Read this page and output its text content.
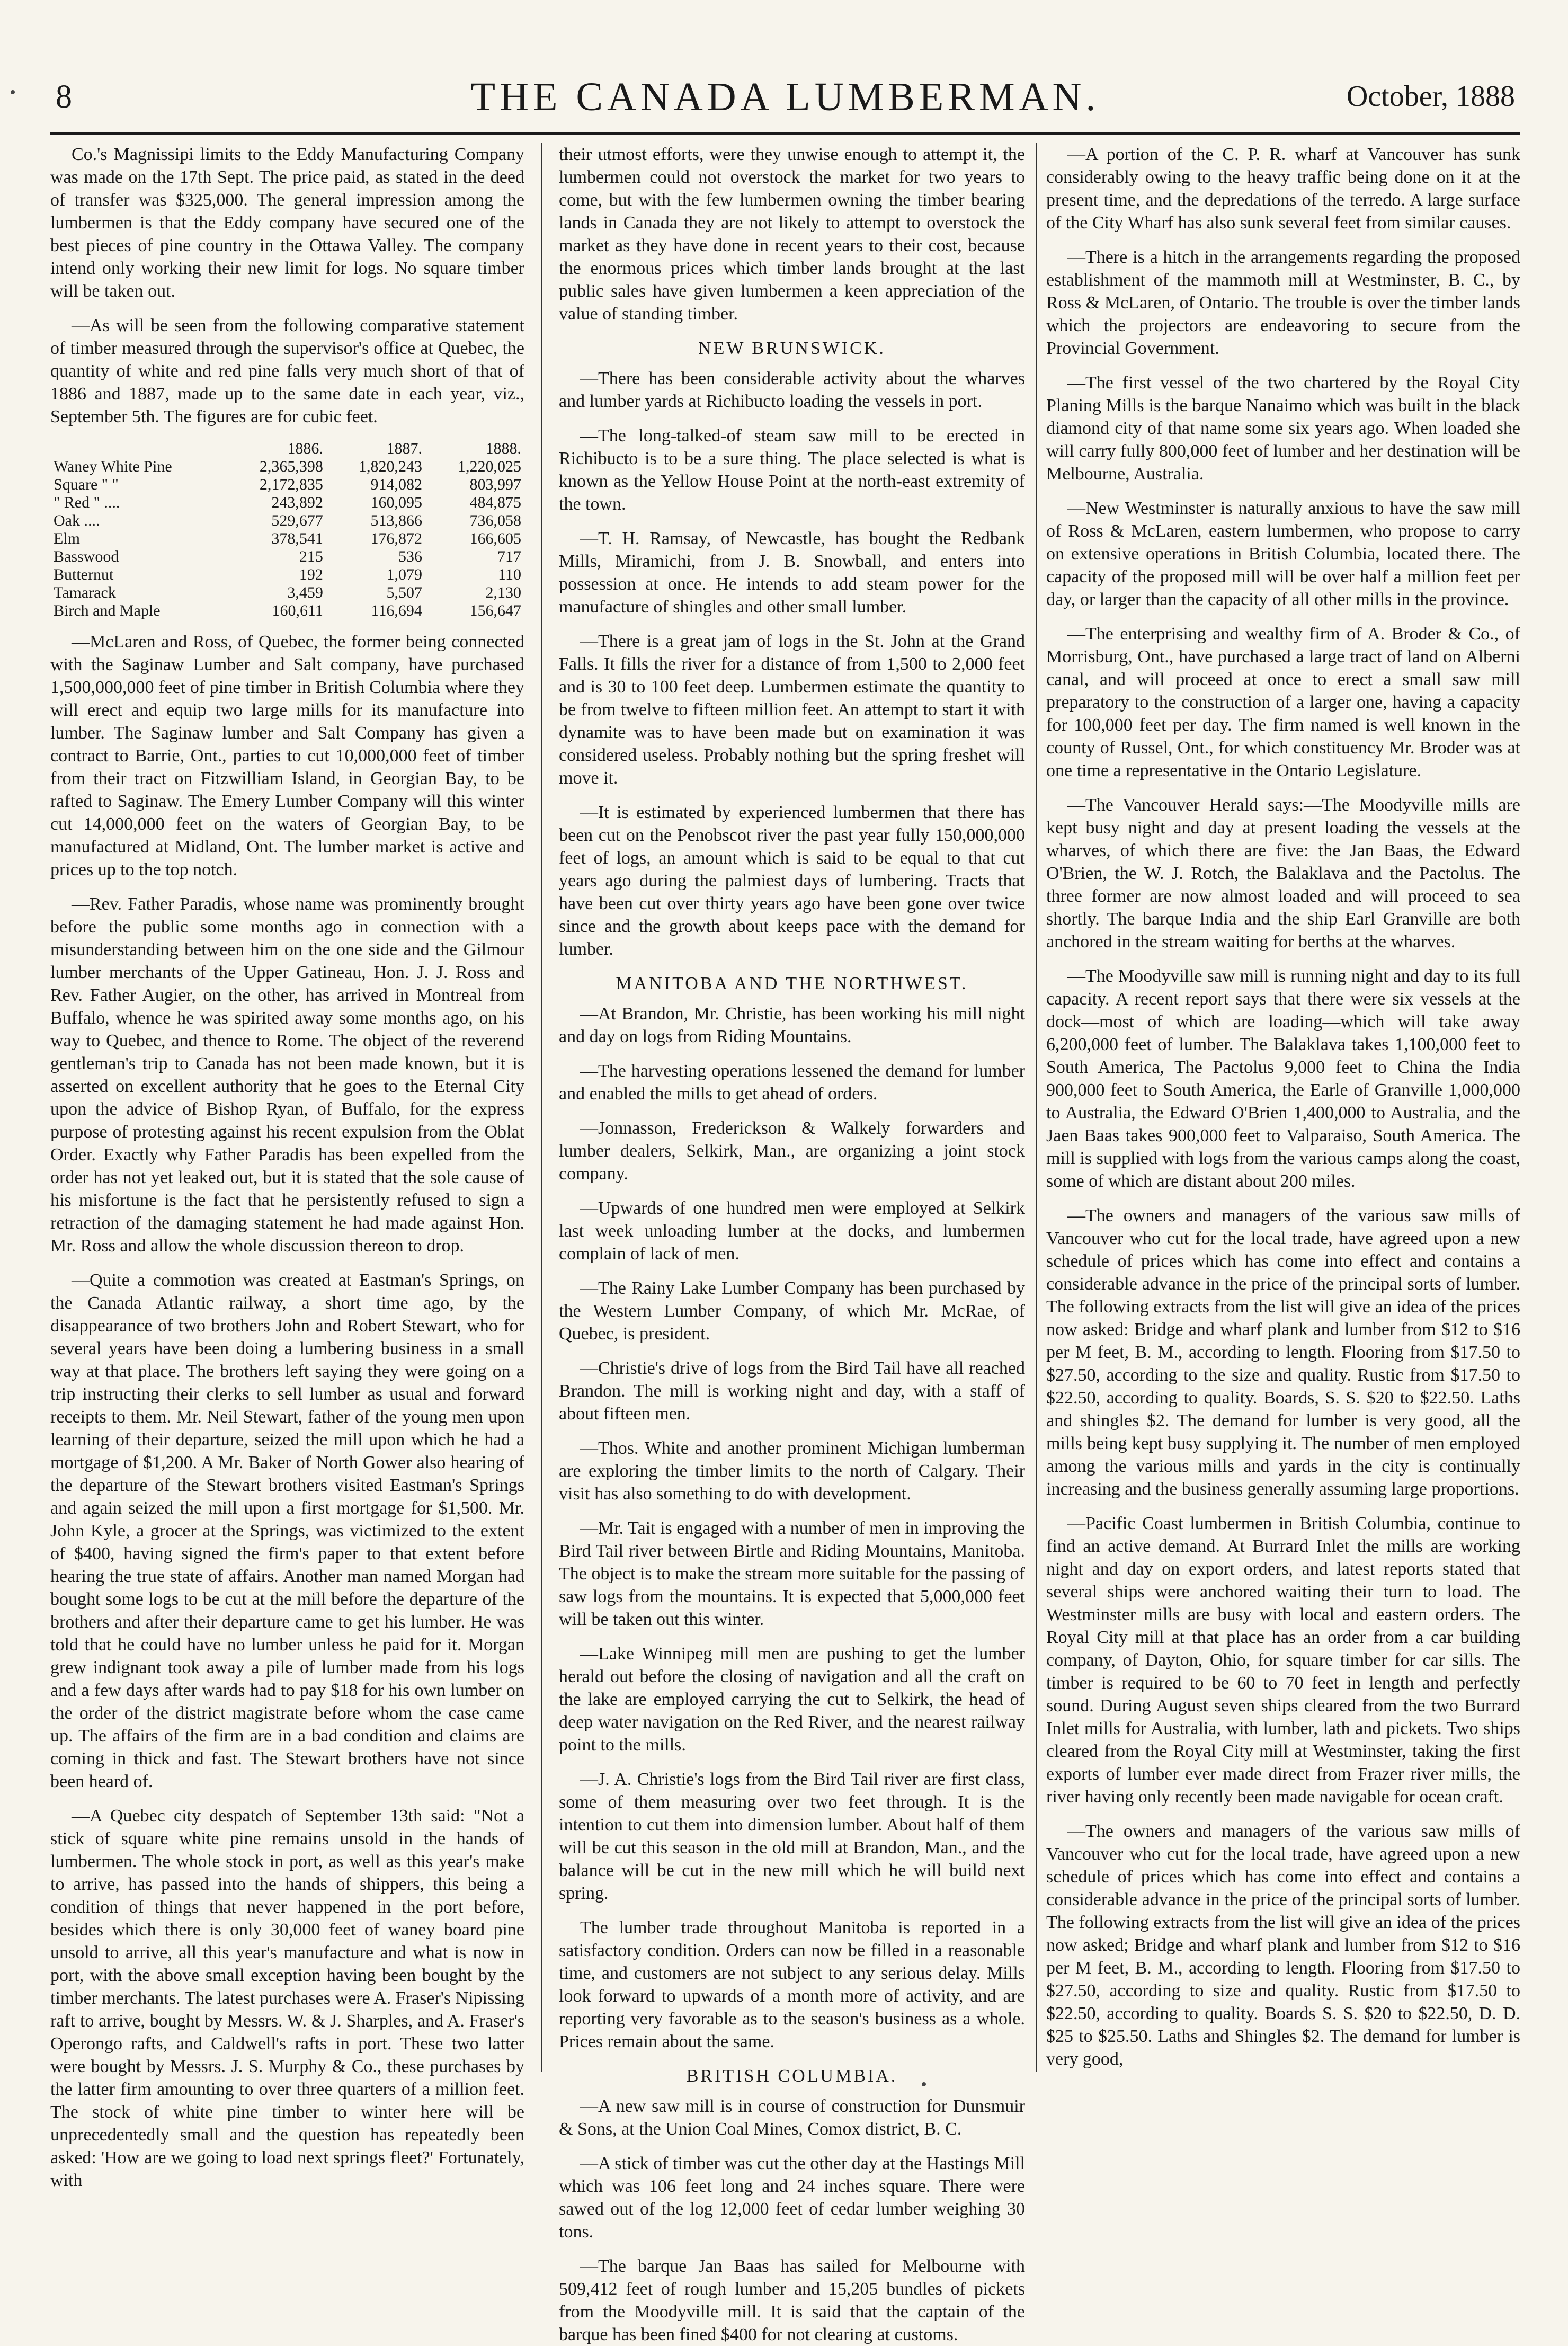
8	THE CANADA LUMBERMAN.	October, 1888

Co.'s Magnissipi limits to the Eddy Manufacturing Company was made on the 17th Sept. The price paid, as stated in the deed of transfer was $325,000. The general impression among the lumbermen is that the Eddy company have secured one of the best pieces of pine country in the Ottawa Valley. The company intend only working their new limit for logs. No square timber will be taken out.

—As will be seen from the following comparative statement of timber measured through the supervisor's office at Quebec, the quantity of white and red pine falls very much short of that of 1886 and 1887, made up to the same date in each year, viz., September 5th. The figures are for cubic feet.

	1886.	1887.	1888.
Waney White Pine	2,365,398	1,820,243	1,220,025
Square " "	2,172,835	914,082	803,997
" Red " ....	243,892	160,095	484,875
Oak ....	529,677	513,866	736,058
Elm	378,541	176,872	166,605
Basswood	215	536	717
Butternut	192	1,079	110
Tamarack	3,459	5,507	2,130
Birch and Maple	160,611	116,694	156,647

—McLaren and Ross, of Quebec, the former being connected with the Saginaw Lumber and Salt company, have purchased 1,500,000,000 feet of pine timber in British Columbia where they will erect and equip two large mills for its manufacture into lumber. The Saginaw lumber and Salt Company has given a contract to Barrie, Ont., parties to cut 10,000,000 feet of timber from their tract on Fitzwilliam Island, in Georgian Bay, to be rafted to Saginaw. The Emery Lumber Company will this winter cut 14,000,000 feet on the waters of Georgian Bay, to be manufactured at Midland, Ont. The lumber market is active and prices up to the top notch.

—Rev. Father Paradis, whose name was prominently brought before the public some months ago in connection with a misunderstanding between him on the one side and the Gilmour lumber merchants of the Upper Gatineau, Hon. J. J. Ross and Rev. Father Augier, on the other, has arrived in Montreal from Buffalo, whence he was spirited away some months ago, on his way to Quebec, and thence to Rome. The object of the reverend gentleman's trip to Canada has not been made known, but it is asserted on excellent authority that he goes to the Eternal City upon the advice of Bishop Ryan, of Buffalo, for the express purpose of protesting against his recent expulsion from the Oblat Order. Exactly why Father Paradis has been expelled from the order has not yet leaked out, but it is stated that the sole cause of his misfortune is the fact that he persistently refused to sign a retraction of the damaging statement he had made against Hon. Mr. Ross and allow the whole discussion thereon to drop.

—Quite a commotion was created at Eastman's Springs, on the Canada Atlantic railway, a short time ago, by the disappearance of two brothers John and Robert Stewart, who for several years have been doing a lumbering business in a small way at that place. The brothers left saying they were going on a trip instructing their clerks to sell lumber as usual and forward receipts to them. Mr. Neil Stewart, father of the young men upon learning of their departure, seized the mill upon which he had a mortgage of $1,200. A Mr. Baker of North Gower also hearing of the departure of the Stewart brothers visited Eastman's Springs and again seized the mill upon a first mortgage for $1,500. Mr. John Kyle, a grocer at the Springs, was victimized to the extent of $400, having signed the firm's paper to that extent before hearing the true state of affairs. Another man named Morgan had bought some logs to be cut at the mill before the departure of the brothers and after their departure came to get his lumber. He was told that he could have no lumber unless he paid for it. Morgan grew indignant took away a pile of lumber made from his logs and a few days after wards had to pay $18 for his own lumber on the order of the district magistrate before whom the case came up. The affairs of the firm are in a bad condition and claims are coming in thick and fast. The Stewart brothers have not since been heard of.

—A Quebec city despatch of September 13th said: "Not a stick of square white pine remains unsold in the hands of lumbermen. The whole stock in port, as well as this year's make to arrive, has passed into the hands of shippers, this being a condition of things that never happened in the port before, besides which there is only 30,000 feet of waney board pine unsold to arrive, all this year's manufacture and what is now in port, with the above small exception having been bought by the timber merchants. The latest purchases were A. Fraser's Nipissing raft to arrive, bought by Messrs. W. & J. Sharples, and A. Fraser's Operongo rafts, and Caldwell's rafts in port. These two latter were bought by Messrs. J. S. Murphy & Co., these purchases by the latter firm amounting to over three quarters of a million feet. The stock of white pine timber to winter here will be unprecedentedly small and the question has repeatedly been asked: 'How are we going to load next springs fleet?' Fortunately, with

their utmost efforts, were they unwise enough to attempt it, the lumbermen could not overstock the market for two years to come, but with the few lumbermen owning the timber bearing lands in Canada they are not likely to attempt to overstock the market as they have done in recent years to their cost, because the enormous prices which timber lands brought at the last public sales have given lumbermen a keen appreciation of the value of standing timber.

NEW BRUNSWICK.

—There has been considerable activity about the wharves and lumber yards at Richibucto loading the vessels in port.

—The long-talked-of steam saw mill to be erected in Richibucto is to be a sure thing. The place selected is what is known as the Yellow House Point at the north-east extremity of the town.

—T. H. Ramsay, of Newcastle, has bought the Redbank Mills, Miramichi, from J. B. Snowball, and enters into possession at once. He intends to add steam power for the manufacture of shingles and other small lumber.

—There is a great jam of logs in the St. John at the Grand Falls. It fills the river for a distance of from 1,500 to 2,000 feet and is 30 to 100 feet deep. Lumbermen estimate the quantity to be from twelve to fifteen million feet. An attempt to start it with dynamite was to have been made but on examination it was considered useless. Probably nothing but the spring freshet will move it.

—It is estimated by experienced lumbermen that there has been cut on the Penobscot river the past year fully 150,000,000 feet of logs, an amount which is said to be equal to that cut years ago during the palmiest days of lumbering. Tracts that have been cut over thirty years ago have been gone over twice since and the growth about keeps pace with the demand for lumber.

MANITOBA AND THE NORTHWEST.

—At Brandon, Mr. Christie, has been working his mill night and day on logs from Riding Mountains.

—The harvesting operations lessened the demand for lumber and enabled the mills to get ahead of orders.

—Jonnasson, Frederickson & Walkely forwarders and lumber dealers, Selkirk, Man., are organizing a joint stock company.

—Upwards of one hundred men were employed at Selkirk last week unloading lumber at the docks, and lumbermen complain of lack of men.

—The Rainy Lake Lumber Company has been purchased by the Western Lumber Company, of which Mr. McRae, of Quebec, is president.

—Christie's drive of logs from the Bird Tail have all reached Brandon. The mill is working night and day, with a staff of about fifteen men.

—Thos. White and another prominent Michigan lumberman are exploring the timber limits to the north of Calgary. Their visit has also something to do with development.

—Mr. Tait is engaged with a number of men in improving the Bird Tail river between Birtle and Riding Mountains, Manitoba. The object is to make the stream more suitable for the passing of saw logs from the mountains. It is expected that 5,000,000 feet will be taken out this winter.

—Lake Winnipeg mill men are pushing to get the lumber herald out before the closing of navigation and all the craft on the lake are employed carrying the cut to Selkirk, the head of deep water navigation on the Red River, and the nearest railway point to the mills.

—J. A. Christie's logs from the Bird Tail river are first class, some of them measuring over two feet through. It is the intention to cut them into dimension lumber. About half of them will be cut this season in the old mill at Brandon, Man., and the balance will be cut in the new mill which he will build next spring.

The lumber trade throughout Manitoba is reported in a satisfactory condition. Orders can now be filled in a reasonable time, and customers are not subject to any serious delay. Mills look forward to upwards of a month more of activity, and are reporting very favorable as to the season's business as a whole. Prices remain about the same.

BRITISH COLUMBIA.

—A new saw mill is in course of construction for Dunsmuir & Sons, at the Union Coal Mines, Comox district, B. C.

—A stick of timber was cut the other day at the Hastings Mill which was 106 feet long and 24 inches square. There were sawed out of the log 12,000 feet of cedar lumber weighing 30 tons.

—The barque Jan Baas has sailed for Melbourne with 509,412 feet of rough lumber and 15,205 bundles of pickets from the Moodyville mill. It is said that the captain of the barque has been fined $400 for not clearing at customs.

—A portion of the C. P. R. wharf at Vancouver has sunk considerably owing to the heavy traffic being done on it at the present time, and the depredations of the terredo. A large surface of the City Wharf has also sunk several feet from similar causes.

—There is a hitch in the arrangements regarding the proposed establishment of the mammoth mill at Westminster, B. C., by Ross & McLaren, of Ontario. The trouble is over the timber lands which the projectors are endeavoring to secure from the Provincial Government.

—The first vessel of the two chartered by the Royal City Planing Mills is the barque Nanaimo which was built in the black diamond city of that name some six years ago. When loaded she will carry fully 800,000 feet of lumber and her destination will be Melbourne, Australia.

—New Westminster is naturally anxious to have the saw mill of Ross & McLaren, eastern lumbermen, who propose to carry on extensive operations in British Columbia, located there. The capacity of the proposed mill will be over half a million feet per day, or larger than the capacity of all other mills in the province.

—The enterprising and wealthy firm of A. Broder & Co., of Morrisburg, Ont., have purchased a large tract of land on Alberni canal, and will proceed at once to erect a small saw mill preparatory to the construction of a larger one, having a capacity for 100,000 feet per day. The firm named is well known in the county of Russel, Ont., for which constituency Mr. Broder was at one time a representative in the Ontario Legislature.

—The Vancouver Herald says:—The Moodyville mills are kept busy night and day at present loading the vessels at the wharves, of which there are five: the Jan Baas, the Edward O'Brien, the W. J. Rotch, the Balaklava and the Pactolus. The three former are now almost loaded and will proceed to sea shortly. The barque India and the ship Earl Granville are both anchored in the stream waiting for berths at the wharves.

—The Moodyville saw mill is running night and day to its full capacity. A recent report says that there were six vessels at the dock—most of which are loading—which will take away 6,200,000 feet of lumber. The Balaklava takes 1,100,000 feet to South America, The Pactolus 9,000 feet to China the India 900,000 feet to South America, the Earle of Granville 1,000,000 to Australia, the Edward O'Brien 1,400,000 to Australia, and the Jaen Baas takes 900,000 feet to Valparaiso, South America. The mill is supplied with logs from the various camps along the coast, some of which are distant about 200 miles.

—The owners and managers of the various saw mills of Vancouver who cut for the local trade, have agreed upon a new schedule of prices which has come into effect and contains a considerable advance in the price of the principal sorts of lumber. The following extracts from the list will give an idea of the prices now asked: Bridge and wharf plank and lumber from $12 to $16 per M feet, B. M., according to length. Flooring from $17.50 to $27.50, according to the size and quality. Rustic from $17.50 to $22.50, according to quality. Boards, S. S. $20 to $22.50. Laths and shingles $2. The demand for lumber is very good, all the mills being kept busy supplying it. The number of men employed among the various mills and yards in the city is continually increasing and the business generally assuming large proportions.

—Pacific Coast lumbermen in British Columbia, continue to find an active demand. At Burrard Inlet the mills are working night and day on export orders, and latest reports stated that several ships were anchored waiting their turn to load. The Westminster mills are busy with local and eastern orders. The Royal City mill at that place has an order from a car building company, of Dayton, Ohio, for square timber for car sills. The timber is required to be 60 to 70 feet in length and perfectly sound. During August seven ships cleared from the two Burrard Inlet mills for Australia, with lumber, lath and pickets. Two ships cleared from the Royal City mill at Westminster, taking the first exports of lumber ever made direct from Frazer river mills, the river having only recently been made navigable for ocean craft.

—The owners and managers of the various saw mills of Vancouver who cut for the local trade, have agreed upon a new schedule of prices which has come into effect and contains a considerable advance in the price of the principal sorts of lumber. The following extracts from the list will give an idea of the prices now asked; Bridge and wharf plank and lumber from $12 to $16 per M feet, B. M., according to length. Flooring from $17.50 to $27.50, according to size and quality. Rustic from $17.50 to $22.50, according to quality. Boards S. S. $20 to $22.50, D. D. $25 to $25.50. Laths and Shingles $2. The demand for lumber is very good,
